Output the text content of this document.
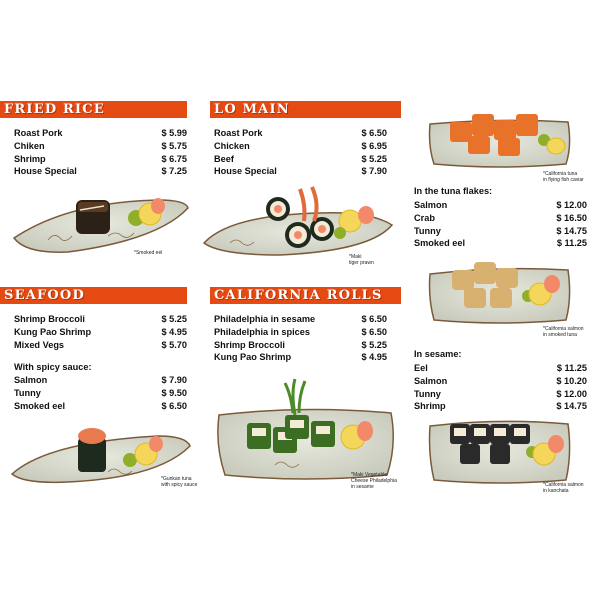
FRIED RICE
Roast Pork	$ 5.99
Chiken	$ 5.75
Shrimp	$ 6.75
House Special	$ 7.25
*Smoked eel
LO MAIN
Roast Pork	$ 6.50
Chicken	$ 6.95
Beef	$ 5.25
House Special	$ 7.90
*Maki
tiger prawn
SEAFOOD
Shrimp Broccoli	$ 5.25
Kung Pao Shrimp	$ 4.95
Mixed Vegs	$ 5.70
With spicy sauce:
Salmon	$ 7.90
Tunny	$ 9.50
Smoked eel	$ 6.50
*Gunkan tuna
with spicy sauce
CALIFORNIA ROLLS
Philadelphia in sesame	$ 6.50
Philadelphia in spices	$ 6.50
Shrimp Broccoli	$ 5.25
Kung Pao Shrimp	$ 4.95
*Maki Vegetable
Cheese Philadelphia
in sesame
*California tuna
in flying fish caviar
In the tuna flakes:
Salmon	$ 12.00
Crab	$ 16.50
Tunny	$ 14.75
Smoked eel	$ 11.25
*California salmon
in smoked tuna
In sesame:
Eel	$ 11.25
Salmon	$ 10.20
Tunny	$ 12.00
Shrimp	$ 14.75
*California salmon
in kanchata
